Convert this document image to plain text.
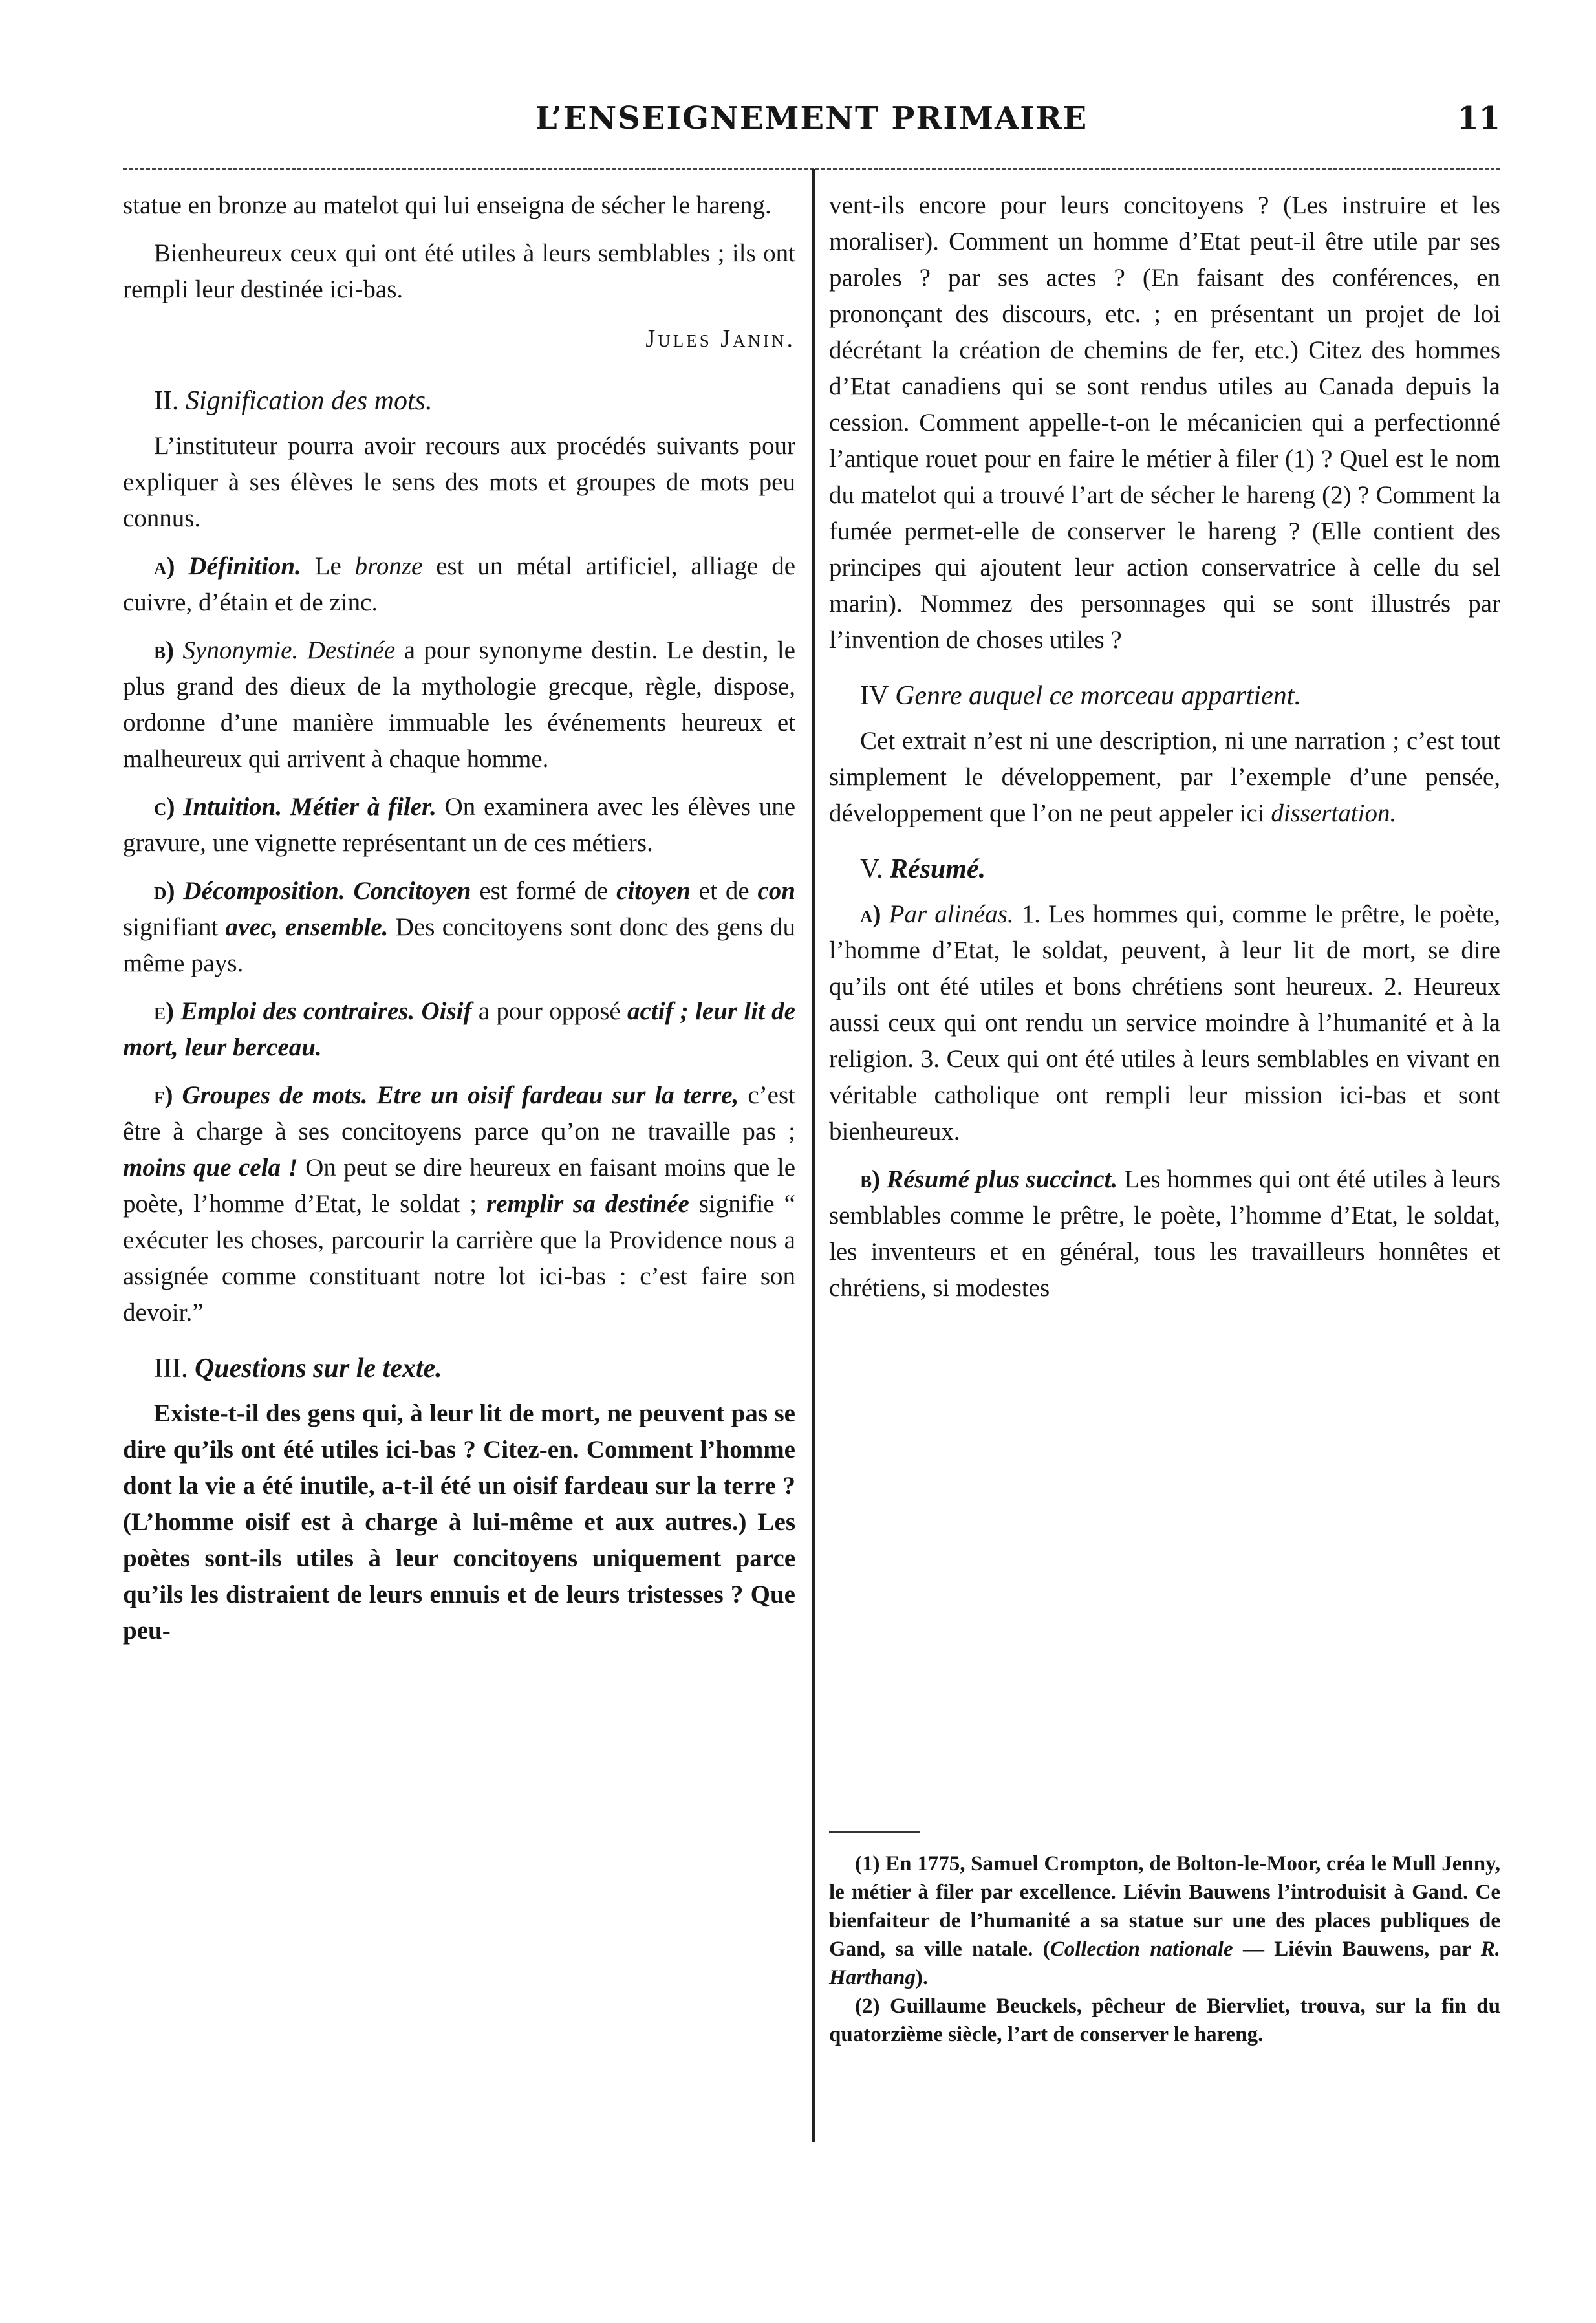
L’ENSEIGNEMENT PRIMAIRE	11

statue en bronze au matelot qui lui enseigna de sécher le hareng.

Bienheureux ceux qui ont été utiles à leurs semblables ; ils ont rempli leur destinée ici-bas.

Jules Janin.
II. Signification des mots.

L’instituteur pourra avoir recours aux procédés suivants pour expliquer à ses élèves le sens des mots et groupes de mots peu connus.

a) Définition. Le bronze est un métal artificiel, alliage de cuivre, d’étain et de zinc.

b) Synonymie. Destinée a pour synonyme destin. Le destin, le plus grand des dieux de la mythologie grecque, règle, dispose, ordonne d’une manière immuable les événements heureux et malheureux qui arrivent à chaque homme.

c) Intuition. Métier à filer. On examinera avec les élèves une gravure, une vignette représentant un de ces métiers.

d) Décomposition. Concitoyen est formé de citoyen et de con signifiant avec, ensemble. Des concitoyens sont donc des gens du même pays.

e) Emploi des contraires. Oisif a pour opposé actif ; leur lit de mort, leur berceau.

f) Groupes de mots. Etre un oisif fardeau sur la terre, c’est être à charge à ses concitoyens parce qu’on ne travaille pas ; moins que cela ! On peut se dire heureux en faisant moins que le poète, l’homme d’Etat, le soldat ; remplir sa destinée signifie “ exécuter les choses, parcourir la carrière que la Providence nous a assignée comme constituant notre lot ici-bas : c’est faire son devoir.”

III. Questions sur le texte.

Existe-t-il des gens qui, à leur lit de mort, ne peuvent pas se dire qu’ils ont été utiles ici-bas ? Citez-en. Comment l’homme dont la vie a été inutile, a-t-il été un oisif fardeau sur la terre ? (L’homme oisif est à charge à lui-même et aux autres.) Les poètes sont-ils utiles à leur concitoyens uniquement parce qu’ils les distraient de leurs ennuis et de leurs tristesses ? Que peu-

vent-ils encore pour leurs concitoyens ? (Les instruire et les moraliser). Comment un homme d’Etat peut-il être utile par ses paroles ? par ses actes ? (En faisant des conférences, en prononçant des discours, etc. ; en présentant un projet de loi décrétant la création de chemins de fer, etc.) Citez des hommes d’Etat canadiens qui se sont rendus utiles au Canada depuis la cession. Comment appelle-t-on le mécanicien qui a perfectionné l’antique rouet pour en faire le métier à filer (1) ? Quel est le nom du matelot qui a trouvé l’art de sécher le hareng (2) ? Comment la fumée permet-elle de conserver le hareng ? (Elle contient des principes qui ajoutent leur action conservatrice à celle du sel marin). Nommez des personnages qui se sont illustrés par l’invention de choses utiles ?

IV Genre auquel ce morceau appartient.

Cet extrait n’est ni une description, ni une narration ; c’est tout simplement le développement, par l’exemple d’une pensée, développement que l’on ne peut appeler ici dissertation.

V. Résumé.

a) Par alinéas. 1. Les hommes qui, comme le prêtre, le poète, l’homme d’Etat, le soldat, peuvent, à leur lit de mort, se dire qu’ils ont été utiles et bons chrétiens sont heureux. 2. Heureux aussi ceux qui ont rendu un service moindre à l’humanité et à la religion. 3. Ceux qui ont été utiles à leurs semblables en vivant en véritable catholique ont rempli leur mission ici-bas et sont bienheureux.

b) Résumé plus succinct. Les hommes qui ont été utiles à leurs semblables comme le prêtre, le poète, l’homme d’Etat, le soldat, les inventeurs et en général, tous les travailleurs honnêtes et chrétiens, si modestes

(1) En 1775, Samuel Crompton, de Bolton-le-Moor, créa le Mull Jenny, le métier à filer par excellence. Liévin Bauwens l’introduisit à Gand. Ce bienfaiteur de l’humanité a sa statue sur une des places publiques de Gand, sa ville natale. (Collection nationale — Liévin Bauwens, par R. Harthang).

(2) Guillaume Beuckels, pêcheur de Biervliet, trouva, sur la fin du quatorzième siècle, l’art de conserver le hareng.
